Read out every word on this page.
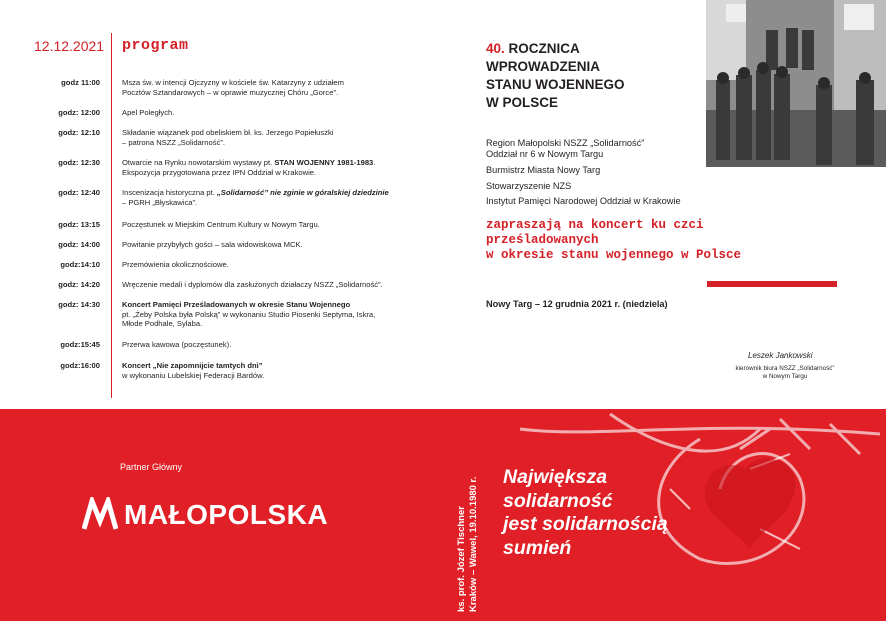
12.12.2021 program
godz 11:00	Msza św. w intencji Ojczyzny w kościele św. Katarzyny z udziałem
Pocztów Sztandarowych – w oprawie muzycznej Chóru „Gorce”.
godz: 12:00	Apel Poległych.
godz: 12:10	Składanie wiązanek pod obeliskiem bł. ks. Jerzego Popiełuszki
– patrona NSZZ „Solidarność”.
godz: 12:30	Otwarcie na Rynku nowotarskim wystawy pt. STAN WOJENNY 1981-1983.
Ekspozycja przygotowana przez IPN Oddział w Krakowie.
godz: 12:40	Inscenizacja historyczna pt. „Solidarność” nie zginie w góralskiej dziedzinie
– PGRH „Błyskawica”.
godz: 13:15	Poczęstunek w Miejskim Centrum Kultury w Nowym Targu.
godz: 14:00	Powitanie przybyłych gości – sala widowiskowa MCK.
godz:14:10	Przemówienia okolicznościowe.
godz: 14:20	Wręczenie medali i dyplomów dla zasłużonych działaczy NSZZ „Solidarność”.
godz: 14:30	Koncert Pamięci Prześladowanych w okresie Stanu Wojennego
pt. „Żeby Polska była Polską” w wykonaniu Studio Piosenki Septyma, Iskra,
Młode Podhale, Sylaba.
godz:15:45	Przerwa kawowa (poczęstunek).
godz:16:00	Koncert „Nie zapomnijcie tamtych dni”
w wykonaniu Lubelskiej Federacji Bardów.
40. ROCZNICA
WPROWADZENIA
STANU WOJENNEGO
W POLSCE
Region Małopolski NSZZ „Solidarność”
Oddział nr 6 w Nowym Targu
Burmistrz Miasta Nowy Targ
Stowarzyszenie NZS
Instytut Pamięci Narodowej Oddział w Krakowie
zapraszają na koncert ku czci
prześladowanych
w okresie stanu wojennego w Polsce
Nowy Targ – 12 grudnia 2021 r. (niedziela)
Leszek Jankowski
kierownik biura NSZZ „Solidarność”
w Nowym Targu
Partner Główny
MAŁOPOLSKA	ks. prof. Józef Tischner Kraków – Wawel, 19.10.1980 r. Największa
solidarność
jest solidarnością
sumień
